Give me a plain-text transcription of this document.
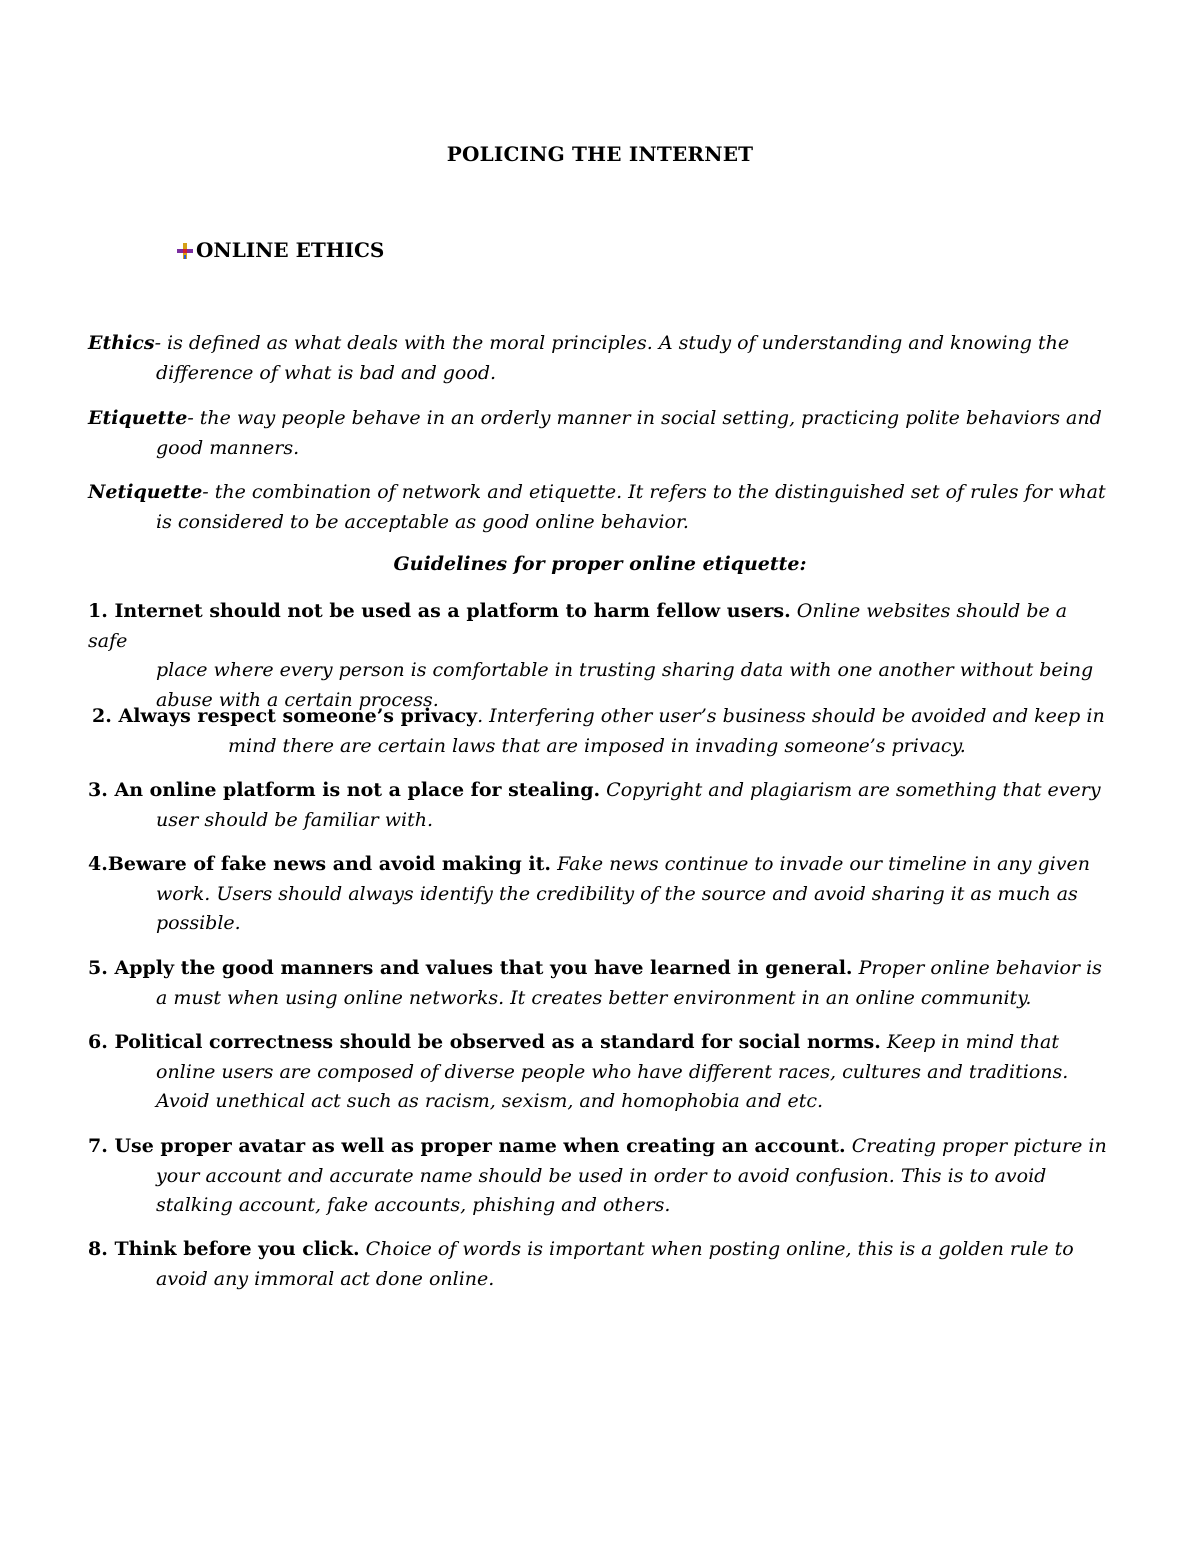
POLICING THE INTERNET
ONLINE ETHICS
Ethics- is defined as what deals with the moral principles. A study of understanding and knowing the
difference of what is bad and good.
Etiquette- the way people behave in an orderly manner in social setting, practicing polite behaviors and
good manners.
Netiquette- the combination of network and etiquette. It refers to the distinguished set of rules for what
is considered to be acceptable as good online behavior.
Guidelines for proper online etiquette:

1. Internet should not be used as a platform to harm fellow users. Online websites should be a safe

place where every person is comfortable in trusting sharing data with one another without being

abuse with a certain process.

2. Always respect someone’s privacy. Interfering other user’s business should be avoided and keep in

mind there are certain laws that are imposed in invading someone’s privacy.

3. An online platform is not a place for stealing. Copyright and plagiarism are something that every

user should be familiar with.

4.Beware of fake news and avoid making it. Fake news continue to invade our timeline in any given

work. Users should always identify the credibility of the source and avoid sharing it as much as

possible.

5. Apply the good manners and values that you have learned in general. Proper online behavior is

a must when using online networks. It creates better environment in an online community.

6. Political correctness should be observed as a standard for social norms. Keep in mind that

online users are composed of diverse people who have different races, cultures and traditions.

Avoid unethical act such as racism, sexism, and homophobia and etc.

7. Use proper avatar as well as proper name when creating an account. Creating proper picture in

your account and accurate name should be used in order to avoid confusion. This is to avoid

stalking account, fake accounts, phishing and others.

8. Think before you click. Choice of words is important when posting online, this is a golden rule to

avoid any immoral act done online.
